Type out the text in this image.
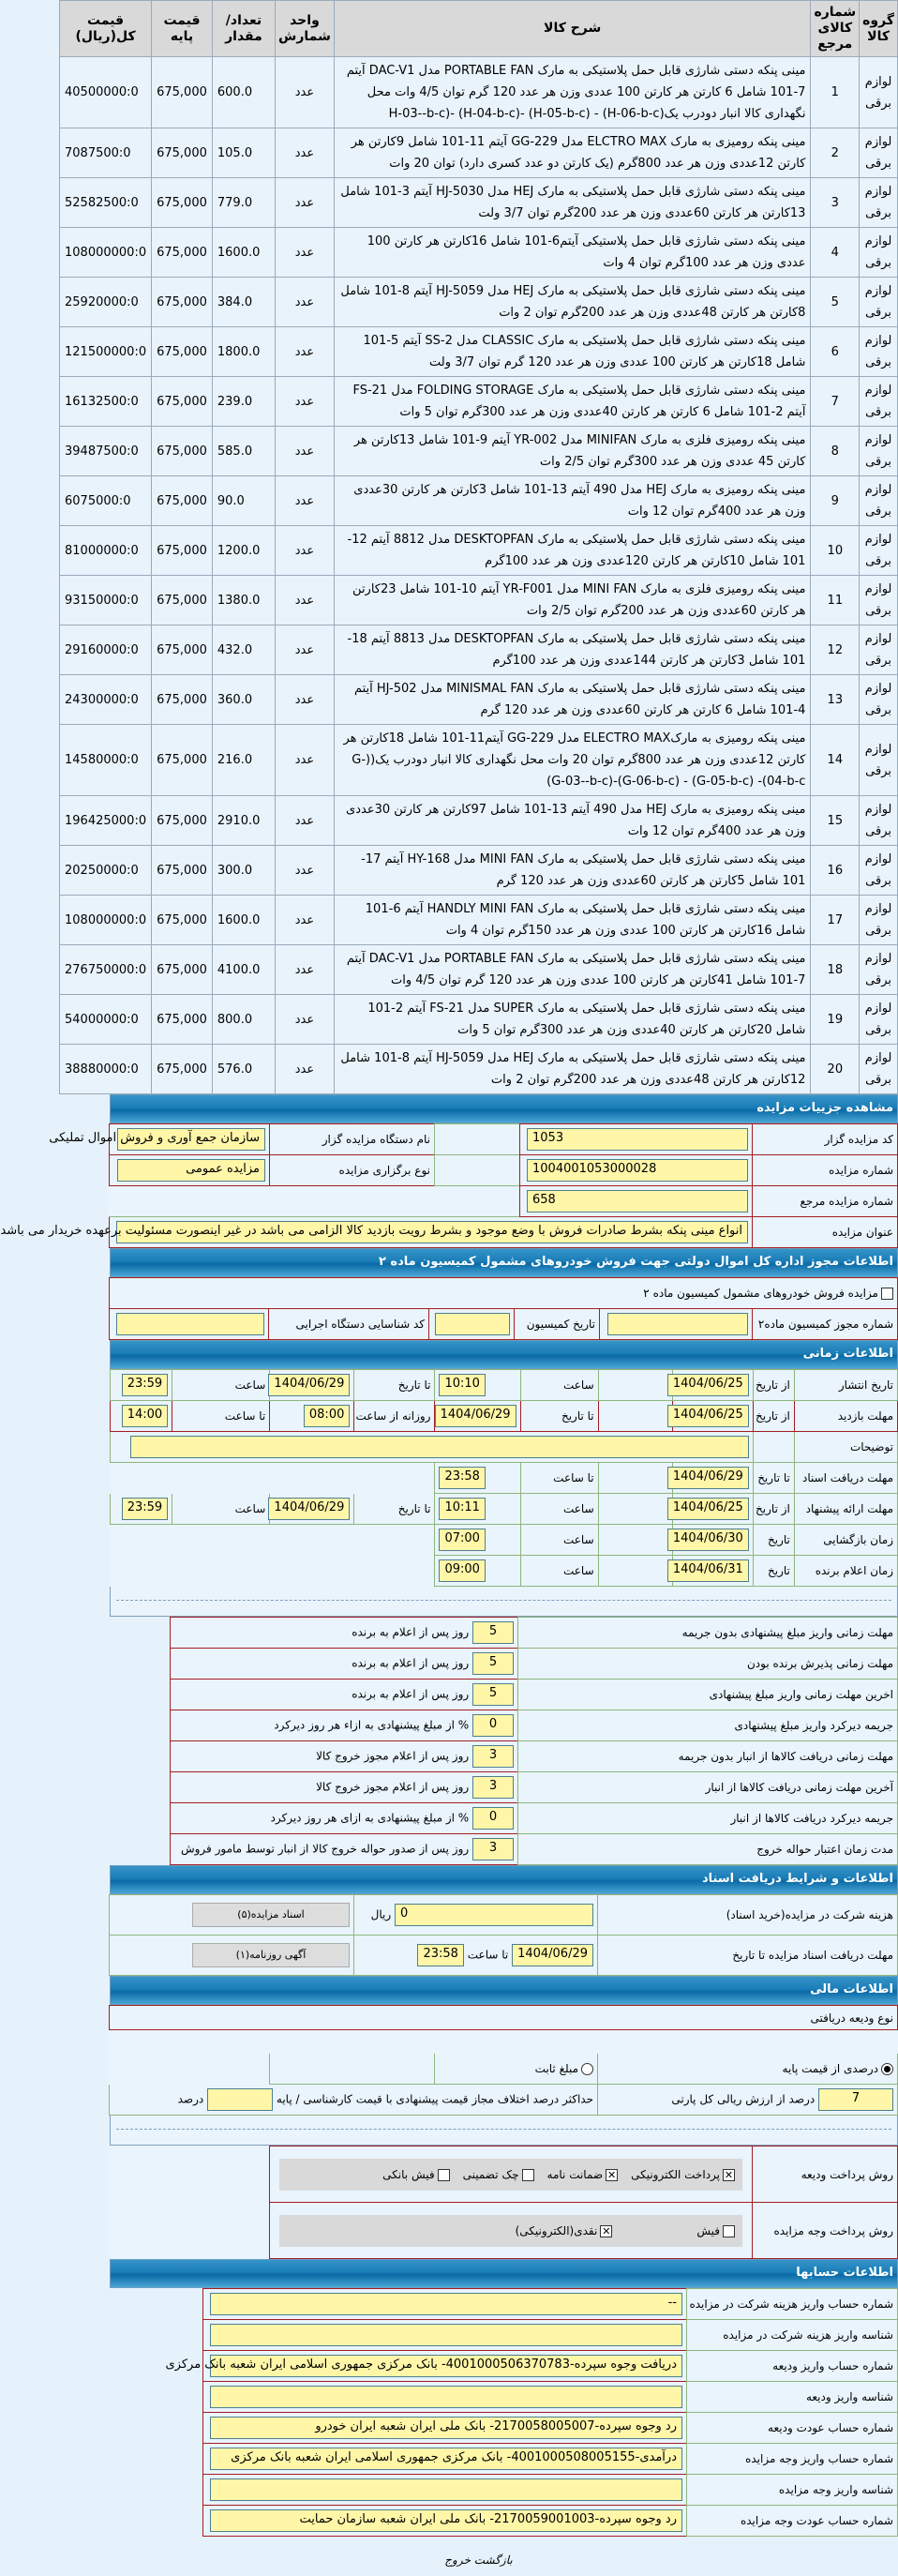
گروه کالا	شماره کالای مرجع	شرح کالا	واحد شمارش	تعداد/مقدار	قیمت پایه	قیمت کل(ریال)
لوازم برقی	1	مینی پنکه دستی شارژی قابل حمل پلاستیکی به مارک PORTABLE FAN مدل DAC-V1 آیتم 7-101 شامل 6 کارتن هر کارتن 100 عددی وزن هر عدد 120 گرم توان 4/5 وات محل نگهداری کالا انبار دودرب یک(H-06-b-c) - (H-05-b-c) -(H-04-b-c) -(H-03--b-c	عدد	600.0	675,000	40500000:0
لوازم برقی	2	مینی پنکه رومیزی به مارک ELCTRO MAX مدل GG-229 آیتم 11-101 شامل 9کارتن هر کارتن 12عددی وزن هر عدد 800گرم (یک کارتن دو عدد کسری دارد) توان 20 وات	عدد	105.0	675,000	7087500:0
لوازم برقی	3	مینی پنکه دستی شارژی قابل حمل پلاستیکی به مارک HEJ مدل HJ-5030 آیتم 3-101 شامل 13کارتن هر کارتن 60عددی وزن هر عدد 200گرم توان 3/7 ولت	عدد	779.0	675,000	52582500:0
لوازم برقی	4	مینی پنکه دستی شارژی قابل حمل پلاستیکی آیتم6-101 شامل 16کارتن هر کارتن 100 عددی وزن هر عدد 100گرم توان 4 وات	عدد	1600.0	675,000	108000000:0
لوازم برقی	5	مینی پنکه دستی شارژی قابل حمل پلاستیکی به مارک HEJ مدل HJ-5059 آیتم 8-101 شامل 8کارتن هر کارتن 48عددی وزن هر عدد 200گرم توان 2 وات	عدد	384.0	675,000	25920000:0
لوازم برقی	6	مینی پنکه دستی شارژی قابل حمل پلاستیکی به مارک CLASSIC مدل SS-2 آیتم 5-101 شامل 18کارتن هر کارتن 100 عددی وزن هر عدد 120 گرم توان 3/7 ولت	عدد	1800.0	675,000	121500000:0
لوازم برقی	7	مینی پنکه دستی شارژی قابل حمل پلاستیکی به مارک FOLDING STORAGE مدل FS-21 آیتم 2-101 شامل 6 کارتن هر کارتن 40عددی وزن هر عدد 300گرم توان 5 وات	عدد	239.0	675,000	16132500:0
لوازم برقی	8	مینی پنکه رومیزی فلزی به مارک MINIFAN مدل YR-002 آیتم 9-101 شامل 13کارتن هر کارتن 45 عددی وزن هر عدد 300گرم توان 2/5 وات	عدد	585.0	675,000	39487500:0
لوازم برقی	9	مینی پنکه رومیزی به مارک HEJ مدل 490 آیتم 13-101 شامل 3کارتن هر کارتن 30عددی وزن هر عدد 400گرم توان 12 وات	عدد	90.0	675,000	6075000:0
لوازم برقی	10	مینی پنکه دستی شارژی قابل حمل پلاستیکی به مارک DESKTOPFAN مدل 8812 آیتم 12-101 شامل 10کارتن هر کارتن 120عددی وزن هر عدد 100گرم	عدد	1200.0	675,000	81000000:0
لوازم برقی	11	مینی پنکه رومیزی فلزی به مارک MINI FAN مدل YR-F001 آیتم 10-101 شامل 23کارتن هر کارتن 60عددی وزن هر عدد 200گرم توان 2/5 وات	عدد	1380.0	675,000	93150000:0
لوازم برقی	12	مینی پنکه دستی شارژی قابل حمل پلاستیکی به مارک DESKTOPFAN مدل 8813 آیتم 18-101 شامل 3کارتن هر کارتن 144عددی وزن هر عدد 100گرم	عدد	432.0	675,000	29160000:0
لوازم برقی	13	مینی پنکه دستی شارژی قابل حمل پلاستیکی به مارک MINISMAL FAN مدل HJ-502 آیتم 4-101 شامل 6 کارتن هر کارتن 60عددی وزن هر عدد 120 گرم	عدد	360.0	675,000	24300000:0
لوازم برقی	14	مینی پنکه رومیزی به مارکELECTRO MAX مدل GG-229 آیتم11-101 شامل 18کارتن هر کارتن 12عددی وزن هر عدد 800گرم توان 20 وات محل نگهداری کالا انبار دودرب یک((G-04-b-c)- (G-05-b-c) - (G-06-b-c)-(G-03--b-c)	عدد	216.0	675,000	14580000:0
لوازم برقی	15	مینی پنکه رومیزی به مارک HEJ مدل 490 آیتم 13-101 شامل 97کارتن هر کارتن 30عددی وزن هر عدد 400گرم توان 12 وات	عدد	2910.0	675,000	196425000:0
لوازم برقی	16	مینی پنکه دستی شارژی قابل حمل پلاستیکی به مارک MINI FAN مدل HY-168 آیتم 17-101 شامل 5کارتن هر کارتن 60عددی وزن هر عدد 120 گرم	عدد	300.0	675,000	20250000:0
لوازم برقی	17	مینی پنکه دستی شارژی قابل حمل پلاستیکی به مارک HANDLY MINI FAN آیتم 6-101 شامل 16کارتن هر کارتن 100 عددی وزن هر عدد 150گرم توان 4 وات	عدد	1600.0	675,000	108000000:0
لوازم برقی	18	مینی پنکه دستی شارژی قابل حمل پلاستیکی به مارک PORTABLE FAN مدل DAC-V1 آیتم 7-101 شامل 41کارتن هر کارتن 100 عددی وزن هر عدد 120 گرم توان 4/5 وات	عدد	4100.0	675,000	276750000:0
لوازم برقی	19	مینی پنکه دستی شارژی قابل حمل پلاستیکی به مارک SUPER مدل FS-21 آیتم 2-101 شامل 20کارتن هر کارتن 40عددی وزن هر عدد 300گرم توان 5 وات	عدد	800.0	675,000	54000000:0
لوازم برقی	20	مینی پنکه دستی شارژی قابل حمل پلاستیکی به مارک HEJ مدل HJ-5059 آیتم 8-101 شامل 12کارتن هر کارتن 48عددی وزن هر عدد 200گرم توان 2 وات	عدد	576.0	675,000	38880000:0
مشاهده جزییات مزایده
کد مزایده گزار	1053		نام دستگاه مزایده گزار	سازمان جمع آوری و فروش اموال تملیکی
شماره مزایده	1004001053000028		نوع برگزاری مزایده	مزایده عمومی
شماره مزایده مرجع	658			
عنوان مزایده	انواع مینی پنکه بشرط صادرات فروش با وضع موجود و بشرط رویت بازدید کالا الزامی می باشد در غیر اینصورت مسئولیت برعهده خریدار می باشد			
اطلاعات مجوز اداره کل اموال دولتی جهت فروش خودروهای مشمول کمیسیون ماده ۲
مزایده فروش خودروهای مشمول کمیسیون ماده ۲
شماره مجوز کمیسیون ماده۲		تاریخ کمیسیون		کد شناسایی دستگاه اجرایی	
اطلاعات زمانی
تاریخ انتشار	از تاریخ	1404/06/25		ساعت	10:10	تا تاریخ	1404/06/29	ساعت	23:59
مهلت بازدید	از تاریخ	1404/06/25		تا تاریخ	1404/06/29	روزانه از ساعت	08:00	تا ساعت	14:00
توضیحات									
مهلت دریافت اسناد	تا تاریخ	1404/06/29		تا ساعت	23:58				
مهلت ارائه پیشنهاد	از تاریخ	1404/06/25		ساعت	10:11	تا تاریخ	1404/06/29	ساعت	23:59
زمان بازگشایی	تاریخ	1404/06/30		ساعت	07:00				
زمان اعلام برنده	تاریخ	1404/06/31		ساعت	09:00				
مهلت زمانی واریز مبلغ پیشنهادی بدون جریمه	5 روز پس از اعلام به برنده
مهلت زمانی پذیرش برنده بودن	5 روز پس از اعلام به برنده
اخرین مهلت زمانی واریز مبلغ پیشنهادی	5 روز پس از اعلام به برنده
جریمه دیرکرد واریز مبلغ پیشنهادی	0 % از مبلغ پیشنهادی به ازاء هر روز دیرکرد
مهلت زمانی دریافت کالاها از انبار بدون جریمه	3 روز پس از اعلام مجوز خروج کالا
آخرین مهلت زمانی دریافت کالاها از انبار	3 روز پس از اعلام مجوز خروج کالا
جریمه دیرکرد دریافت کالاها از انبار	0 % از مبلغ پیشنهادی به ازای هر روز دیرکرد
مدت زمان اعتبار حواله خروج	3 روز پس از صدور حواله خروج کالا از انبار توسط مامور فروش
اطلاعات و شرایط دریافت اسناد
هزینه شرکت در مزایده(خرید اسناد)	0 ریال	اسناد مزایده(۵)
مهلت دریافت اسناد مزایده تا تاریخ	1404/06/29 تا ساعت 23:58	آگهی روزنامه(۱)
اطلاعات مالی
نوع ودیعه دریافتی			

درصدی از قیمت پایه	مبلغ ثابت		
7 درصد از ارزش ریالی کل پارتی	حداکثر درصد اختلاف مجاز قیمت پیشنهادی با قیمت کارشناسی / پایه  درصد		
روش پرداخت ودیعه	✕پرداخت الکترونیکی✕ضمانت نامهچک تضمینیفیش بانکی	

روش پرداخت وجه مزایده	فیش✕نقدی(الکترونیکی)	

اطلاعات حسابها
شماره حساب واریز هزینه شرکت در مزایده	--
شناسه واریز هزینه شرکت در مزایده	
شماره حساب واریز ودیعه	دریافت وجوه سپرده-4001000506370783- بانک مرکزی جمهوری اسلامی ایران شعبه بانک مرکزی
شناسه واریز ودیعه	
شماره حساب عودت ودیعه	رد وجوه سپرده-2170058005007- بانک ملی ایران شعبه ایران خودرو
شماره حساب واریز وجه مزایده	درآمدی-4001000508005155- بانک مرکزی جمهوری اسلامی ایران شعبه بانک مرکزی
شناسه واریز وجه مزایده	
شماره حساب عودت وجه مزایده	رد وجوه سپرده-2170059001003- بانک ملی ایران شعبه سازمان حمایت
بازگشت خروج
